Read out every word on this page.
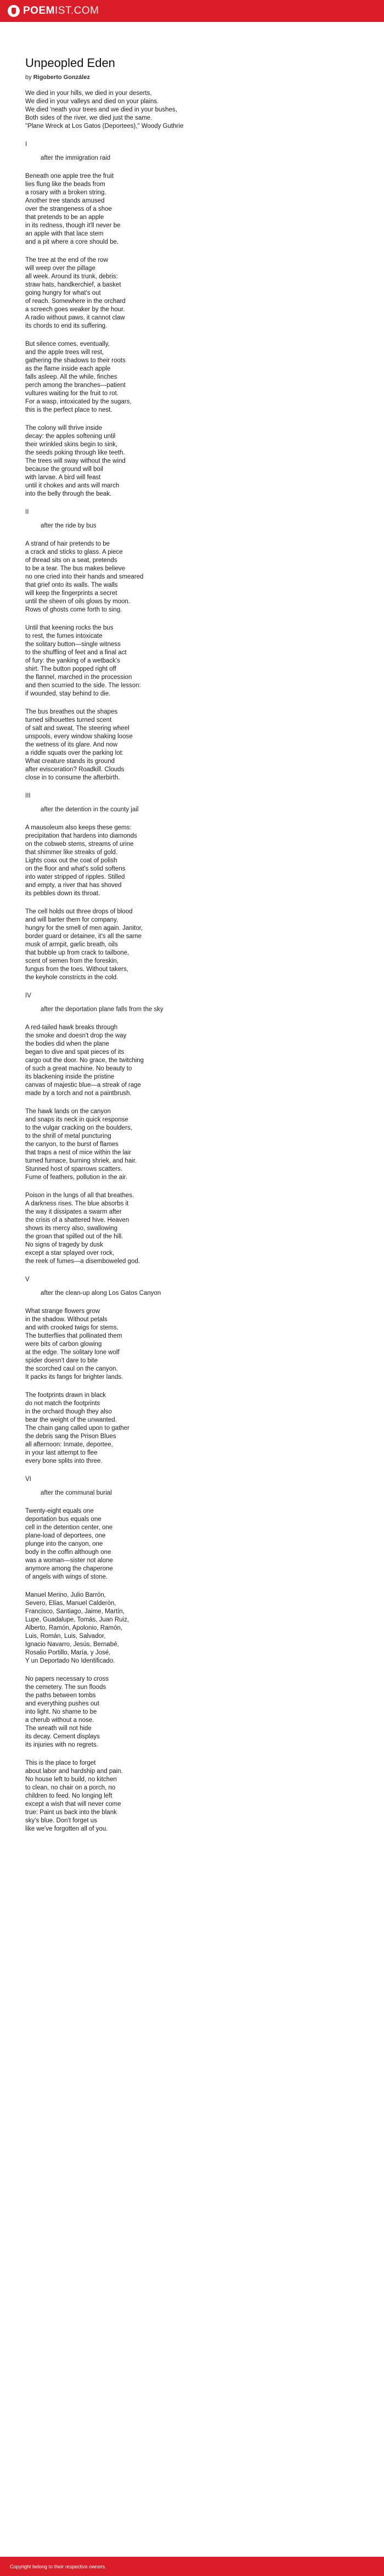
POEM IST.COM
Unpeopled Eden

by Rigoberto González

We died in your hills, we died in your deserts,
We died in your valleys and died on your plains.
We died 'neath your trees and we died in your bushes,
Both sides of the river, we died just the same.
"Plane Wreck at Los Gatos (Deportees)," Woody Guthrie
I
after the immigration raid
Beneath one apple tree the fruit
lies flung like the beads from
a rosary with a broken string.
Another tree stands amused
over the strangeness of a shoe
that pretends to be an apple
in its redness, though it'll never be
an apple with that lace stem
and a pit where a core should be.
The tree at the end of the row
will weep over the pillage
all week. Around its trunk, debris:
straw hats, handkerchief, a basket
going hungry for what's out
of reach. Somewhere in the orchard
a screech goes weaker by the hour.
A radio without paws, it cannot claw
its chords to end its suffering.
But silence comes, eventually,
and the apple trees will rest,
gathering the shadows to their roots
as the flame inside each apple
falls asleep. All the while, finches
perch among the branches—patient
vultures waiting for the fruit to rot.
For a wasp, intoxicated by the sugars,
this is the perfect place to nest.
The colony will thrive inside
decay: the apples softening until
their wrinkled skins begin to sink,
the seeds poking through like teeth.
The trees will sway without the wind
because the ground will boil
with larvae. A bird will feast
until it chokes and ants will march
into the belly through the beak.
II
after the ride by bus
A strand of hair pretends to be
a crack and sticks to glass. A piece
of thread sits on a seat, pretends
to be a tear. The bus makes believe
no one cried into their hands and smeared
that grief onto its walls. The walls
will keep the fingerprints a secret
until the sheen of oils glows by moon.
Rows of ghosts come forth to sing.
Until that keening rocks the bus
to rest, the fumes intoxicate
the solitary button—single witness
to the shuffling of feet and a final act
of fury: the yanking of a wetback's
shirt. The button popped right off
the flannel, marched in the procession
and then scurried to the side. The lesson:
if wounded, stay behind to die.
The bus breathes out the shapes
turned silhouettes turned scent
of salt and sweat. The steering wheel
unspools, every window shaking loose
the wetness of its glare. And now
a riddle squats over the parking lot:
What creature stands its ground
after evisceration? Roadkill. Clouds
close in to consume the afterbirth.
III
after the detention in the county jail
A mausoleum also keeps these gems:
precipitation that hardens into diamonds
on the cobweb stems, streams of urine
that shimmer like streaks of gold.
Lights coax out the coat of polish
on the floor and what's solid softens
into water stripped of ripples. Stilled
and empty, a river that has shoved
its pebbles down its throat.
The cell holds out three drops of blood
and will barter them for company,
hungry for the smell of men again. Janitor,
border guard or detainee, it's all the same
musk of armpit, garlic breath, oils
that bubble up from crack to tailbone,
scent of semen from the foreskin,
fungus from the toes. Without takers,
the keyhole constricts in the cold.
IV
after the deportation plane falls from the sky
A red-tailed hawk breaks through
the smoke and doesn't drop the way
the bodies did when the plane
began to dive and spat pieces of its
cargo out the door. No grace, the twitching
of such a great machine. No beauty to
its blackening inside the pristine
canvas of majestic blue—a streak of rage
made by a torch and not a paintbrush.
The hawk lands on the canyon
and snaps its neck in quick response
to the vulgar cracking on the boulders,
to the shrill of metal puncturing
the canyon, to the burst of flames
that traps a nest of mice within the lair
turned furnace, burning shriek, and hair.
Stunned host of sparrows scatters.
Fume of feathers, pollution in the air.
Poison in the lungs of all that breathes.
A darkness rises. The blue absorbs it
the way it dissipates a swarm after
the crisis of a shattered hive. Heaven
shows its mercy also, swallowing
the groan that spilled out of the hill.
No signs of tragedy by dusk
except a star splayed over rock,
the reek of fumes—a disemboweled god.
V
after the clean-up along Los Gatos Canyon
What strange flowers grow
in the shadow. Without petals
and with crooked twigs for stems.
The butterflies that pollinated them
were bits of carbon glowing
at the edge. The solitary lone wolf
spider doesn't dare to bite
the scorched caul on the canyon.
It packs its fangs for brighter lands.
The footprints drawn in black
do not match the footprints
in the orchard though they also
bear the weight of the unwanted.
The chain gang called upon to gather
the debris sang the Prison Blues
all afternoon: Inmate, deportee,
in your last attempt to flee
every bone splits into three.
VI
after the communal burial
Twenty-eight equals one
deportation bus equals one
cell in the detention center, one
plane-load of deportees, one
plunge into the canyon, one
body in the coffin although one
was a woman—sister not alone
anymore among the chaperone
of angels with wings of stone.
Manuel Merino, Julio Barrón,
Severo, Elías, Manuel Calderón,
Francisco, Santiago, Jaime, Martín,
Lupe, Guadalupe, Tomás, Juan Ruiz,
Alberto, Ramón, Apolonio, Ramón,
Luis, Román, Luis, Salvador,
Ignacio Navarro, Jesús, Bernabé,
Rosalio Portillo, María, y José,
Y un Deportado No Identificado.
No papers necessary to cross
the cemetery. The sun floods
the paths between tombs
and everything pushes out
into light. No shame to be
a cherub without a nose.
The wreath will not hide
its decay. Cement displays
its injuries with no regrets.
This is the place to forget
about labor and hardship and pain.
No house left to build, no kitchen
to clean, no chair on a porch, no
children to feed. No longing left
except a wish that will never come
true: Paint us back into the blank
sky's blue. Don't forget us
like we've forgotten all of you.
Copyright belong to their respective owners.
